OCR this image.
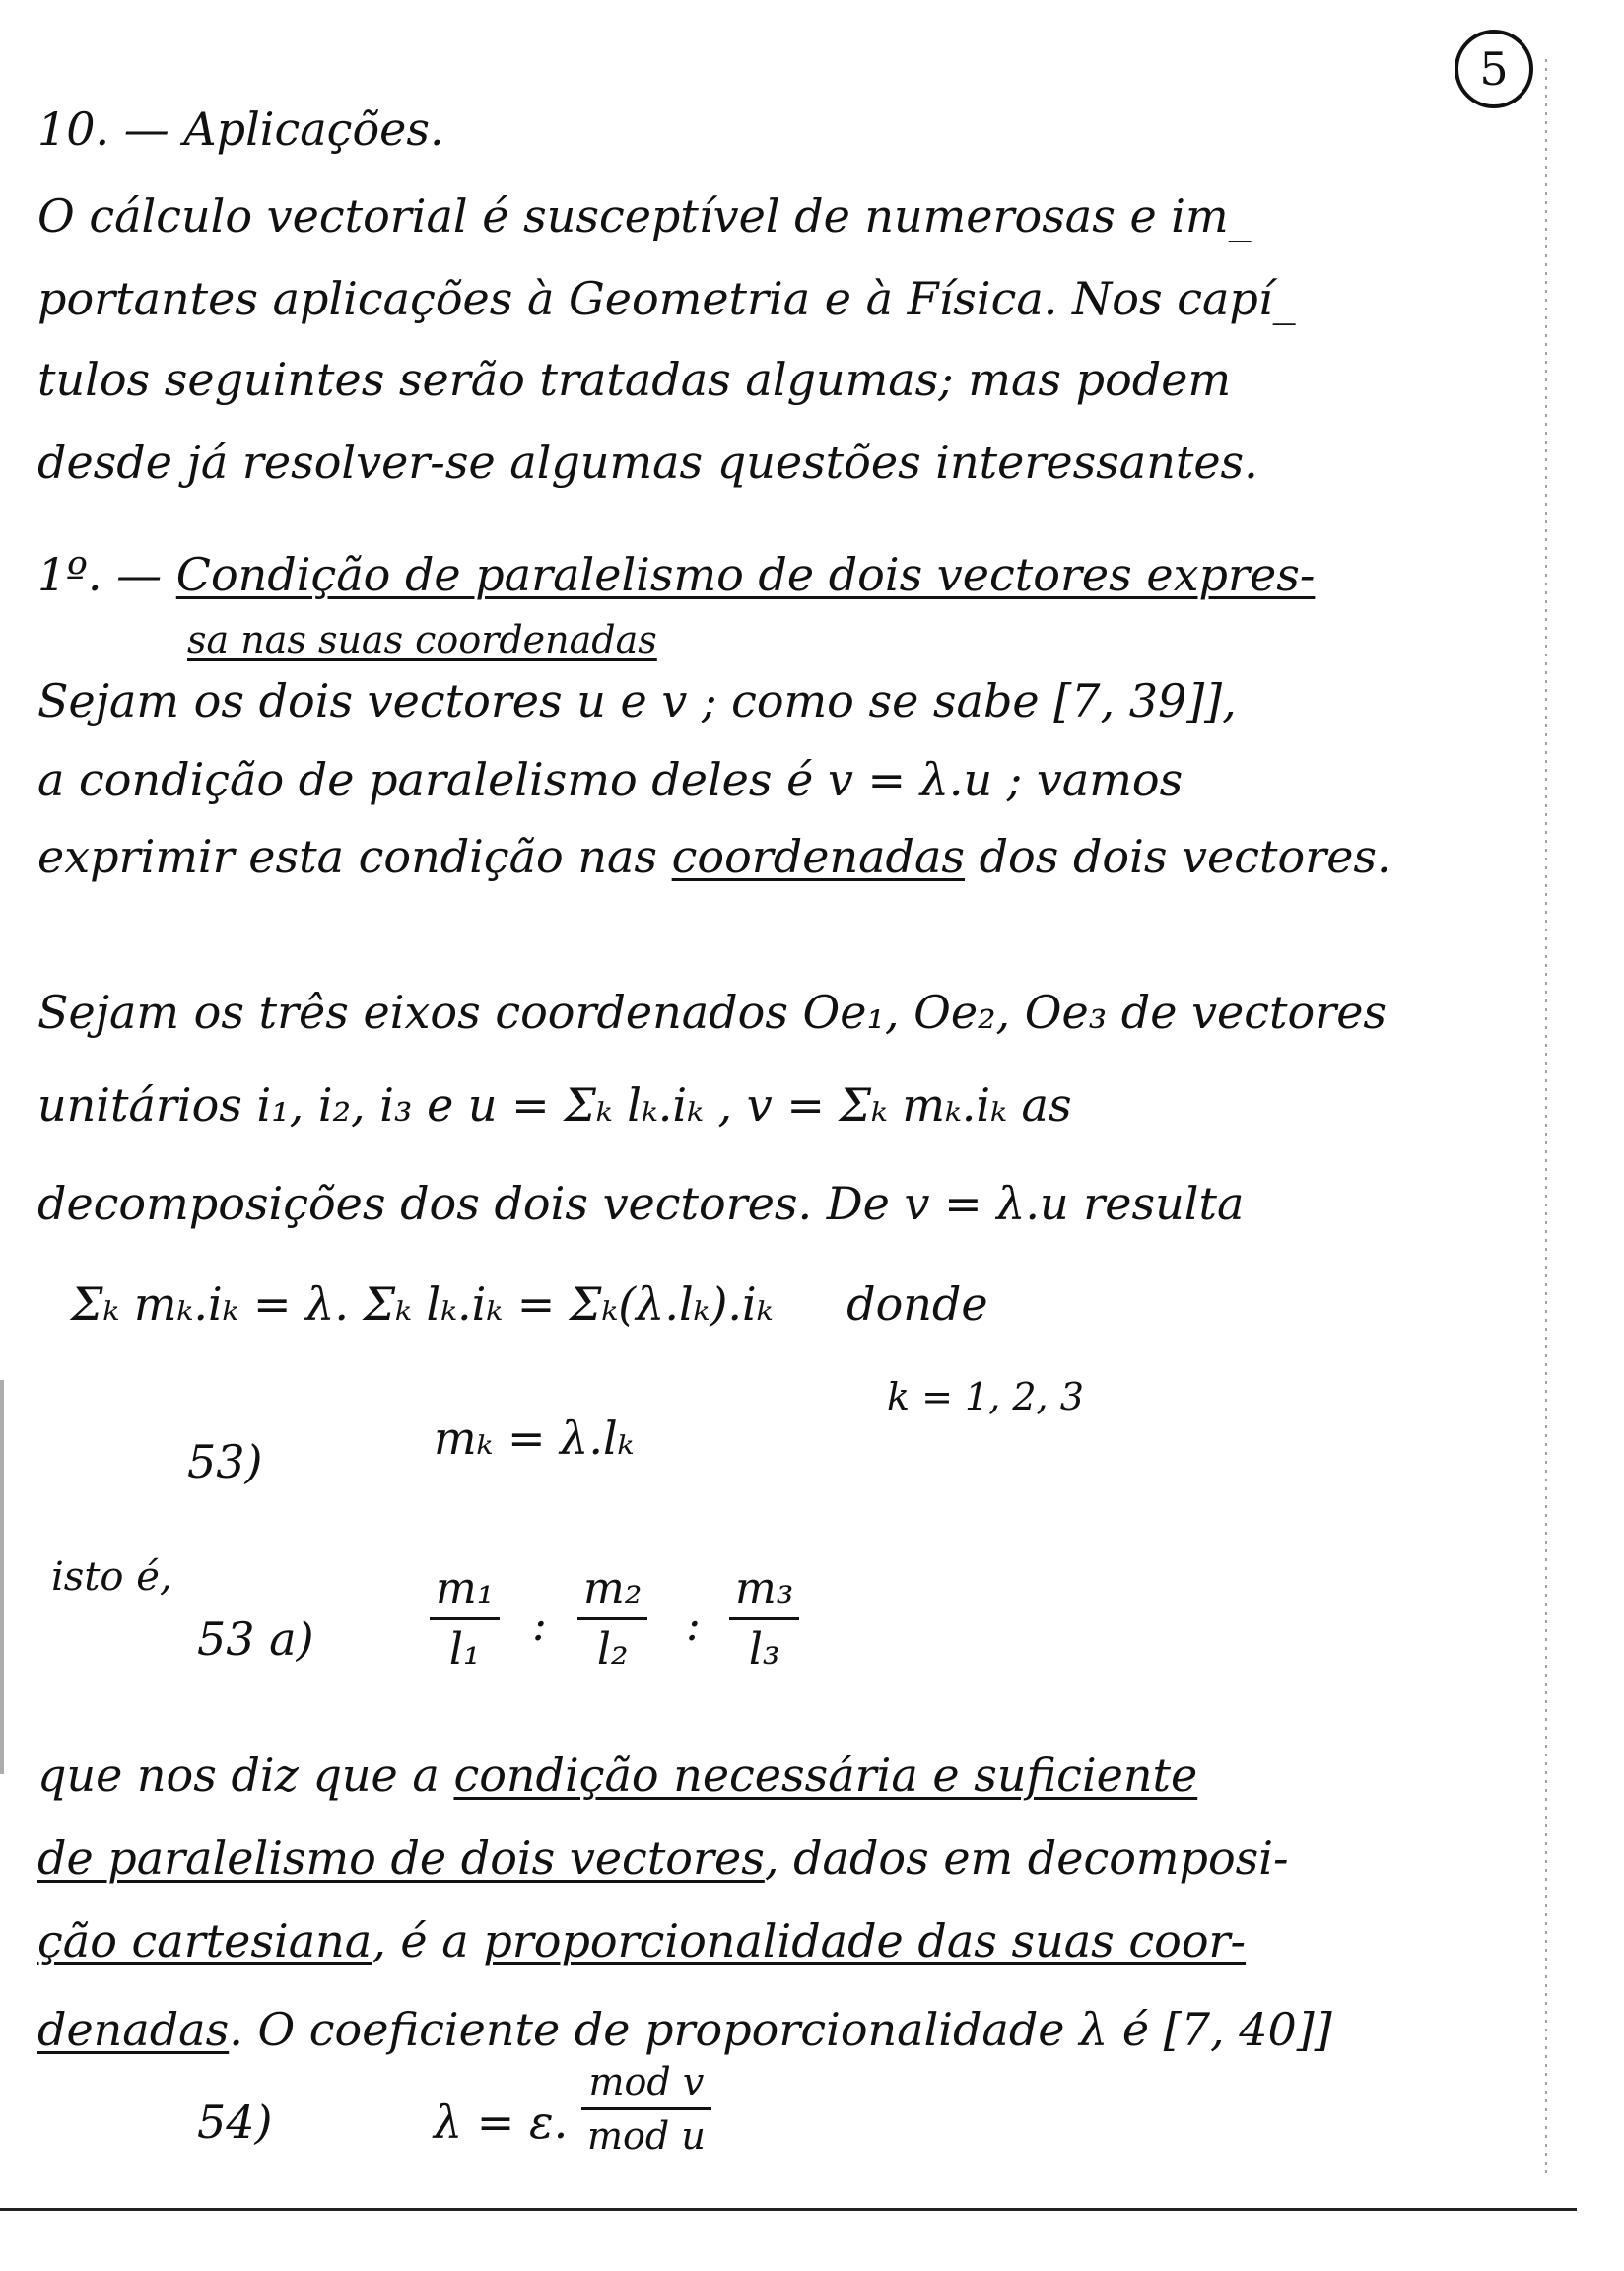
5
10. — Aplicações.
O cálculo vectorial é susceptível de numerosas e im_
portantes aplicações à Geometria e à Física. Nos capí_
tulos seguintes serão tratadas algumas; mas podem
desde já resolver-se algumas questões interessantes.
1º. — Condição de paralelismo de dois vectores expres-
sa nas suas coordenadas
Sejam os dois vectores u e v ; como se sabe [7, 39]],
a condição de paralelismo deles é v = λ.u ; vamos
exprimir esta condição nas coordenadas dos dois vectores.
Sejam os três eixos coordenados Oe₁, Oe₂, Oe₃ de vectores
unitários i₁, i₂, i₃ e u = Σₖ lₖ.iₖ , v = Σₖ mₖ.iₖ as
decomposições dos dois vectores. De v = λ.u resulta
Σₖ mₖ.iₖ = λ. Σₖ lₖ.iₖ = Σₖ(λ.lₖ).iₖ donde
53)	mₖ = λ.lₖ
k = 1, 2, 3
isto é,
53 a)
m₁
l₁ :
m₂
l₂ :
m₃
l₃
que nos diz que a condição necessária e suficiente
de paralelismo de dois vectores, dados em decomposi-
ção cartesiana, é a proporcionalidade das suas coor-
denadas. O coeficiente de proporcionalidade λ é [7, 40]]
54)	λ = ε.
mod v
mod u
